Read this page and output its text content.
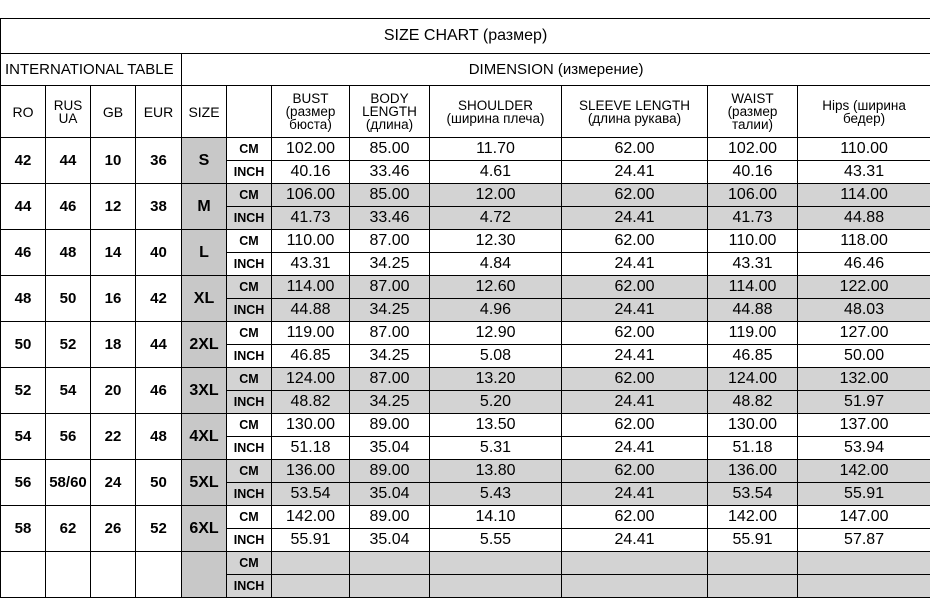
SIZE CHART (размер)											
INTERNATIONAL TABLE				DIMENSION (измерение)							
RO	RUS UA	GB	EUR	SIZE		BUST (размер бюста)	BODY LENGTH (длина)	SHOULDER (ширина плеча)	SLEEVE LENGTH (длина рукава)	WAIST (размер талии)	Hips (ширина бедер)
42	44	10	36	S	CM	102.00	85.00	11.70	62.00	102.00	110.00
					INCH	40.16	33.46	4.61	24.41	40.16	43.31
44	46	12	38	M	CM	106.00	85.00	12.00	62.00	106.00	114.00
					INCH	41.73	33.46	4.72	24.41	41.73	44.88
46	48	14	40	L	CM	110.00	87.00	12.30	62.00	110.00	118.00
					INCH	43.31	34.25	4.84	24.41	43.31	46.46
48	50	16	42	XL	CM	114.00	87.00	12.60	62.00	114.00	122.00
					INCH	44.88	34.25	4.96	24.41	44.88	48.03
50	52	18	44	2XL	CM	119.00	87.00	12.90	62.00	119.00	127.00
					INCH	46.85	34.25	5.08	24.41	46.85	50.00
52	54	20	46	3XL	CM	124.00	87.00	13.20	62.00	124.00	132.00
					INCH	48.82	34.25	5.20	24.41	48.82	51.97
54	56	22	48	4XL	CM	130.00	89.00	13.50	62.00	130.00	137.00
					INCH	51.18	35.04	5.31	24.41	51.18	53.94
56	58/60	24	50	5XL	CM	136.00	89.00	13.80	62.00	136.00	142.00
					INCH	53.54	35.04	5.43	24.41	53.54	55.91
58	62	26	52	6XL	CM	142.00	89.00	14.10	62.00	142.00	147.00
					INCH	55.91	35.04	5.55	24.41	55.91	57.87
					CM						
					INCH						
